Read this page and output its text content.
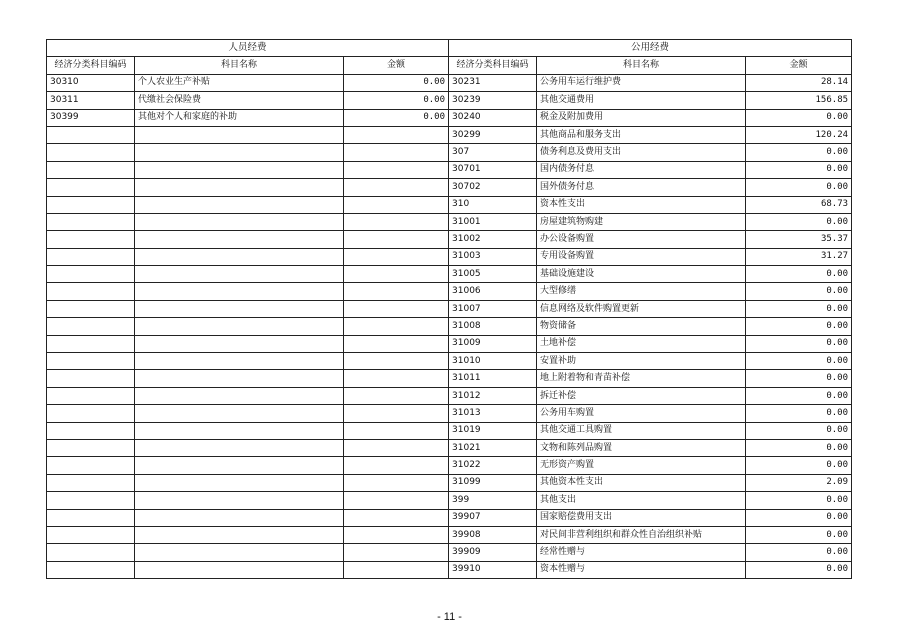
人员经费			公用经费		
经济分类科目编码	科目名称	金额	经济分类科目编码	科目名称	金额
30310	个人农业生产补贴	0.00	30231	公务用车运行维护费	28.14
30311	代缴社会保险费	0.00	30239	其他交通费用	156.85
30399	其他对个人和家庭的补助	0.00	30240	税金及附加费用	0.00
			30299	其他商品和服务支出	120.24
			307	债务利息及费用支出	0.00
			30701	国内债务付息	0.00
			30702	国外债务付息	0.00
			310	资本性支出	68.73
			31001	房屋建筑物购建	0.00
			31002	办公设备购置	35.37
			31003	专用设备购置	31.27
			31005	基础设施建设	0.00
			31006	大型修缮	0.00
			31007	信息网络及软件购置更新	0.00
			31008	物资储备	0.00
			31009	土地补偿	0.00
			31010	安置补助	0.00
			31011	地上附着物和青苗补偿	0.00
			31012	拆迁补偿	0.00
			31013	公务用车购置	0.00
			31019	其他交通工具购置	0.00
			31021	文物和陈列品购置	0.00
			31022	无形资产购置	0.00
			31099	其他资本性支出	2.09
			399	其他支出	0.00
			39907	国家赔偿费用支出	0.00
			39908	对民间非营利组织和群众性自治组织补贴	0.00
			39909	经常性赠与	0.00
			39910	资本性赠与	0.00
- 11 -
